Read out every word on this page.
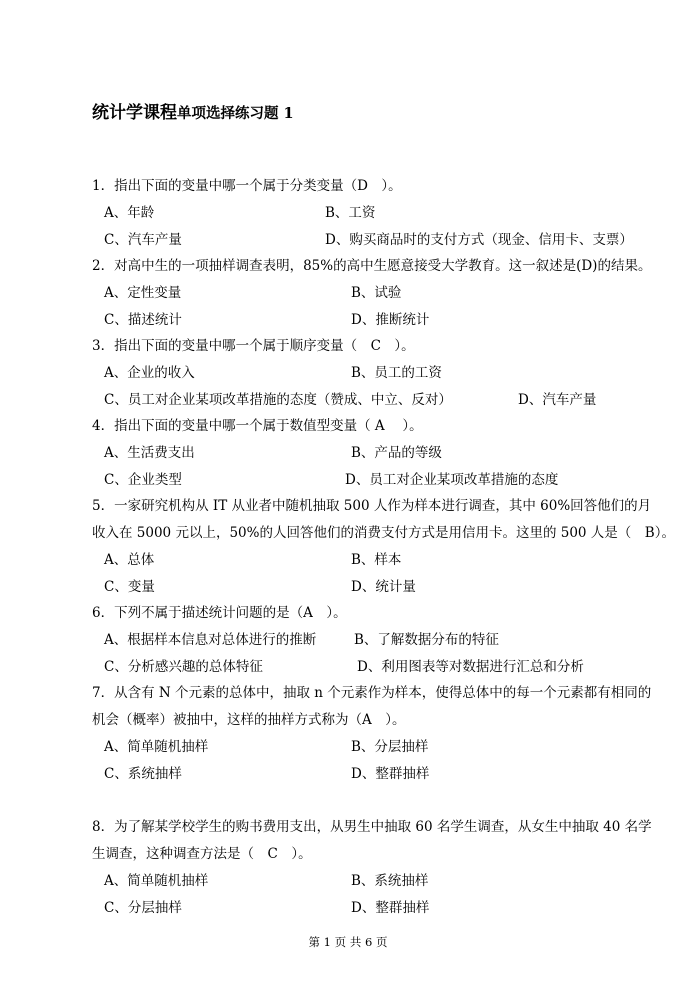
统计学课程单项选择练习题 1
1．指出下面的变量中哪一个属于分类变量（D　）。
A、年龄	B、工资
C、汽车产量	D、购买商品时的支付方式（现金、信用卡、支票）
2．对高中生的一项抽样调查表明，85%的高中生愿意接受大学教育。这一叙述是(D)的结果。
A、定性变量	B、试验
C、描述统计	D、推断统计
3．指出下面的变量中哪一个属于顺序变量（　C　）。
A、企业的收入	B、员工的工资
C、员工对企业某项改革措施的态度（赞成、中立、反对）	D、汽车产量
4．指出下面的变量中哪一个属于数值型变量（ A　 ）。
A、生活费支出	B、产品的等级
C、企业类型	D、员工对企业某项改革措施的态度
5．一家研究机构从 IT 从业者中随机抽取 500 人作为样本进行调查，其中 60%回答他们的月
收入在 5000 元以上，50%的人回答他们的消费支付方式是用信用卡。这里的 500 人是（　B）。
A、总体	B、样本
C、变量	D、统计量
6．下列不属于描述统计问题的是（A　）。
A、根据样本信息对总体进行的推断	B、了解数据分布的特征
C、分析感兴趣的总体特征	D、利用图表等对数据进行汇总和分析
7．从含有 N 个元素的总体中，抽取 n 个元素作为样本，使得总体中的每一个元素都有相同的
机会（概率）被抽中，这样的抽样方式称为（A　）。
A、简单随机抽样	B、分层抽样
C、系统抽样	D、整群抽样
8．为了解某学校学生的购书费用支出，从男生中抽取 60 名学生调查，从女生中抽取 40 名学
生调查，这种调查方法是（　C　）。
A、简单随机抽样	B、系统抽样
C、分层抽样	D、整群抽样
第 1 页 共 6 页
